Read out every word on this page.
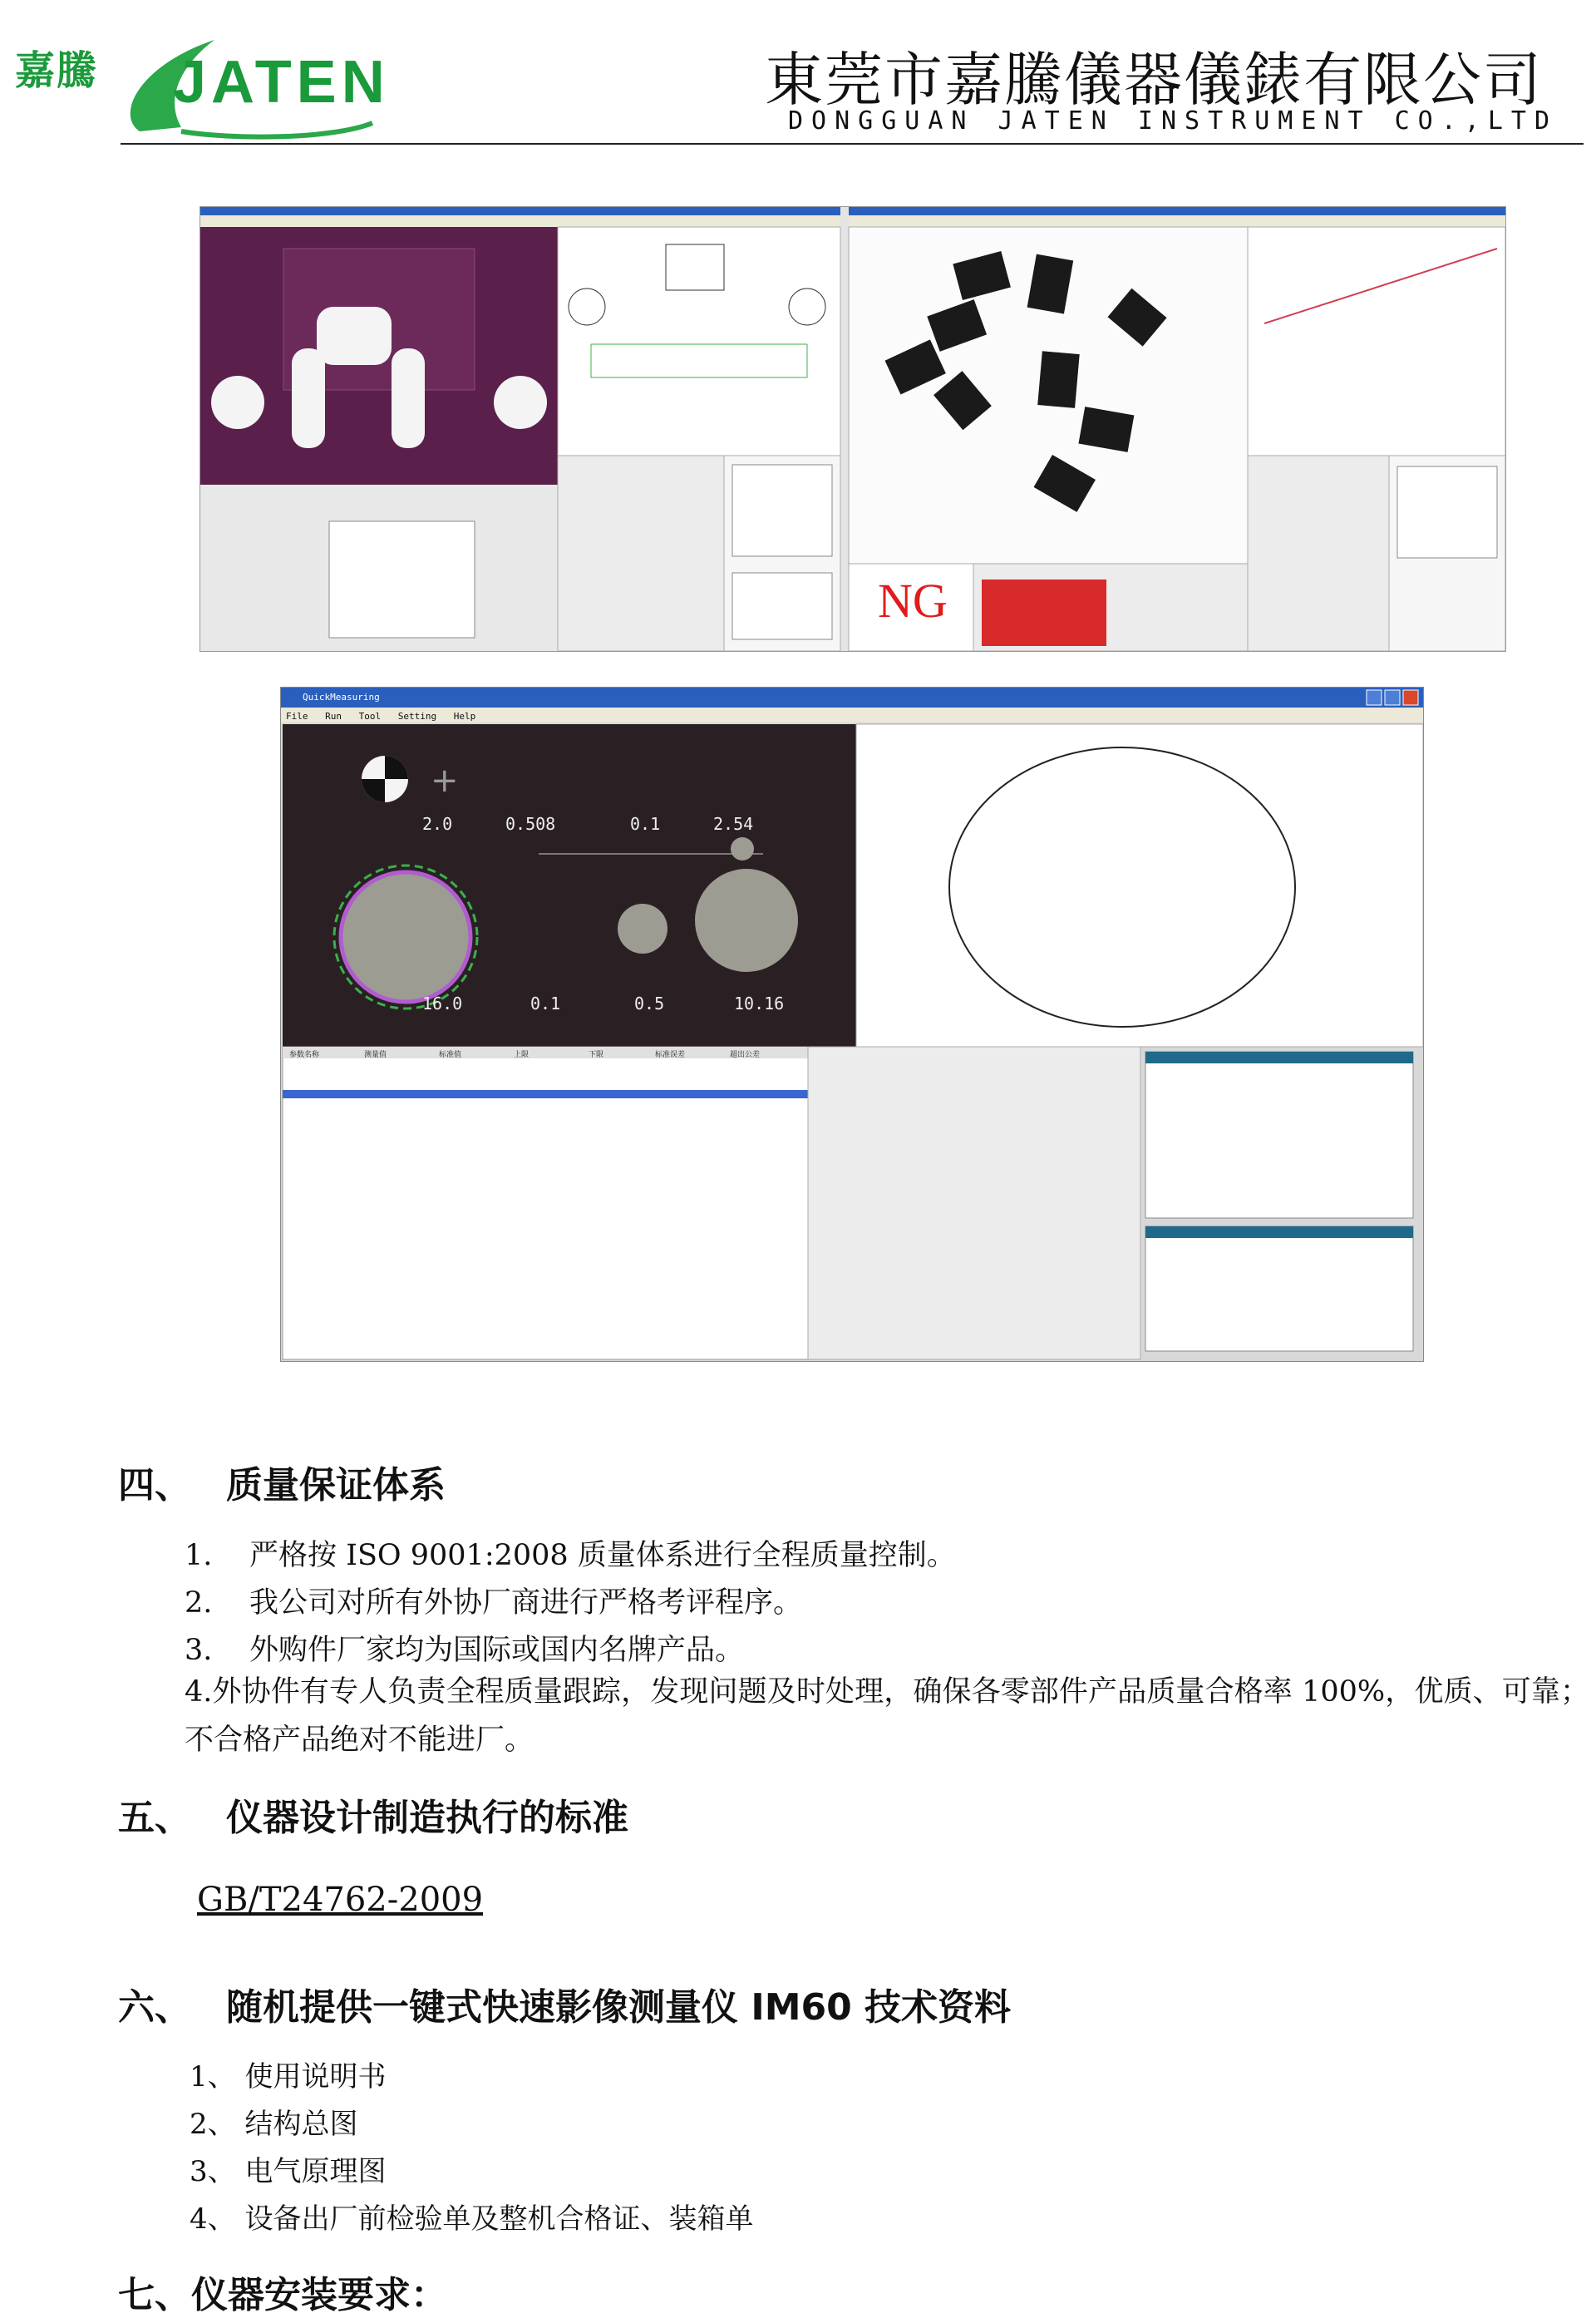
嘉騰 JATEN	東莞市嘉騰儀器儀錶有限公司
DONGGUAN JATEN INSTRUMENT CO.,LTD
NG
+
QuickMeasuring
File Run Tool Setting Help
2.0	0.508	0.1	2.54
16.0	0.1	0.5	10.16
参数名称	测量值	标准值	上限	下限	标准误差	超出公差
四、 质量保证体系
1. 严格按 ISO 9001:2008 质量体系进行全程质量控制。
2. 我公司对所有外协厂商进行严格考评程序。
3. 外购件厂家均为国际或国内名牌产品。
4.外协件有专人负责全程质量跟踪，发现问题及时处理，确保各零部件产品质量合格率 100%，优质、可靠；不合格产品绝对不能进厂。
五、 仪器设计制造执行的标准
GB/T24762-2009
六、 随机提供一键式快速影像测量仪 IM60 技术资料
1、 使用说明书
2、 结构总图
3、 电气原理图
4、 设备出厂前检验单及整机合格证、装箱单
七、仪器安装要求：
